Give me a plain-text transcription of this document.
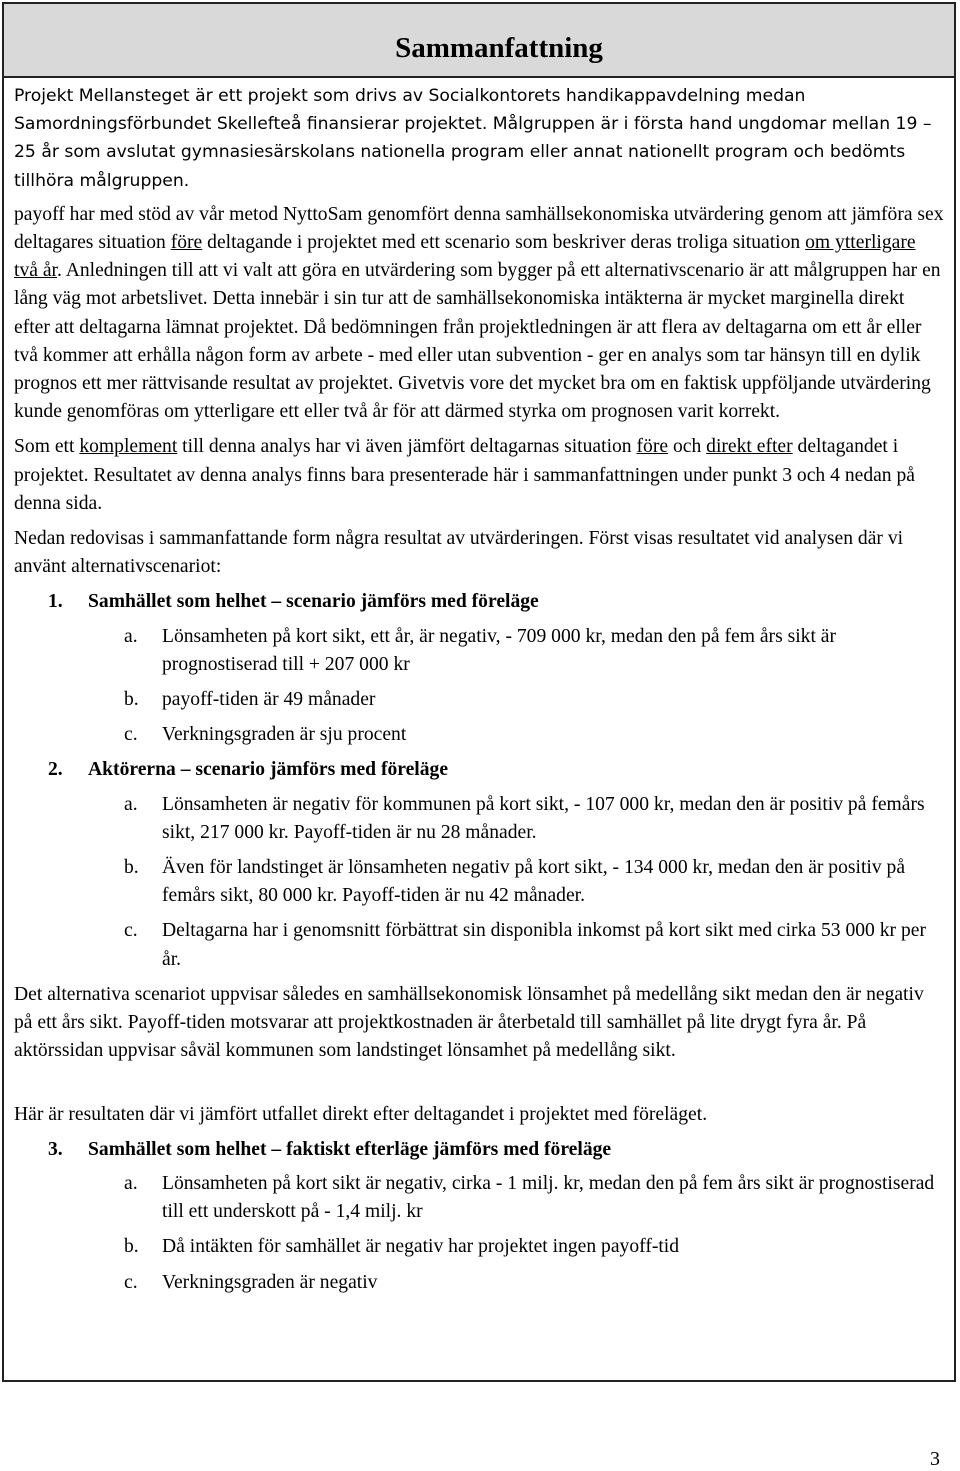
Sammanfattning

Projekt Mellansteget är ett projekt som drivs av Socialkontorets handikappavdelning medan Samordningsförbundet Skellefteå finansierar projektet. Målgruppen är i första hand ungdomar mellan 19 – 25 år som avslutat gymnasiesärskolans nationella program eller annat nationellt program och bedömts tillhöra målgruppen.

payoff har med stöd av vår metod NyttoSam genomfört denna samhällsekonomiska utvärdering genom att jämföra sex deltagares situation före deltagande i projektet med ett scenario som beskriver deras troliga situation om ytterligare två år. Anledningen till att vi valt att göra en utvärdering som bygger på ett alternativscenario är att målgruppen har en lång väg mot arbetslivet. Detta innebär i sin tur att de samhällsekonomiska intäkterna är mycket marginella direkt efter att deltagarna lämnat projektet. Då bedömningen från projektledningen är att flera av deltagarna om ett år eller två kommer att erhålla någon form av arbete - med eller utan subvention - ger en analys som tar hänsyn till en dylik prognos ett mer rättvisande resultat av projektet. Givetvis vore det mycket bra om en faktisk uppföljande utvärdering kunde genomföras om ytterligare ett eller två år för att därmed styrka om prognosen varit korrekt.

Som ett komplement till denna analys har vi även jämfört deltagarnas situation före och direkt efter deltagandet i projektet. Resultatet av denna analys finns bara presenterade här i sammanfattningen under punkt 3 och 4 nedan på denna sida.

Nedan redovisas i sammanfattande form några resultat av utvärderingen. Först visas resultatet vid analysen där vi använt alternativscenariot:

1. Samhället som helhet – scenario jämförs med föreläge
a. Lönsamheten på kort sikt, ett år, är negativ, - 709 000 kr, medan den på fem års sikt är prognostiserad till + 207 000 kr
b. payoff-tiden är 49 månader
c. Verkningsgraden är sju procent
2. Aktörerna – scenario jämförs med föreläge
a. Lönsamheten är negativ för kommunen på kort sikt, - 107 000 kr, medan den är positiv på femårs sikt, 217 000 kr. Payoff-tiden är nu 28 månader.
b. Även för landstinget är lönsamheten negativ på kort sikt, - 134 000 kr, medan den är positiv på femårs sikt, 80 000 kr. Payoff-tiden är nu 42 månader.
c. Deltagarna har i genomsnitt förbättrat sin disponibla inkomst på kort sikt med cirka 53 000 kr per år.

Det alternativa scenariot uppvisar således en samhällsekonomisk lönsamhet på medellång sikt medan den är negativ på ett års sikt. Payoff-tiden motsvarar att projektkostnaden är återbetald till samhället på lite drygt fyra år. På aktörssidan uppvisar såväl kommunen som landstinget lönsamhet på medellång sikt.

Här är resultaten där vi jämfört utfallet direkt efter deltagandet i projektet med föreläget.

3. Samhället som helhet – faktiskt efterläge jämförs med föreläge
a. Lönsamheten på kort sikt är negativ, cirka - 1 milj. kr, medan den på fem års sikt är prognostiserad till ett underskott på - 1,4 milj. kr
b. Då intäkten för samhället är negativ har projektet ingen payoff-tid
c. Verkningsgraden är negativ
3
